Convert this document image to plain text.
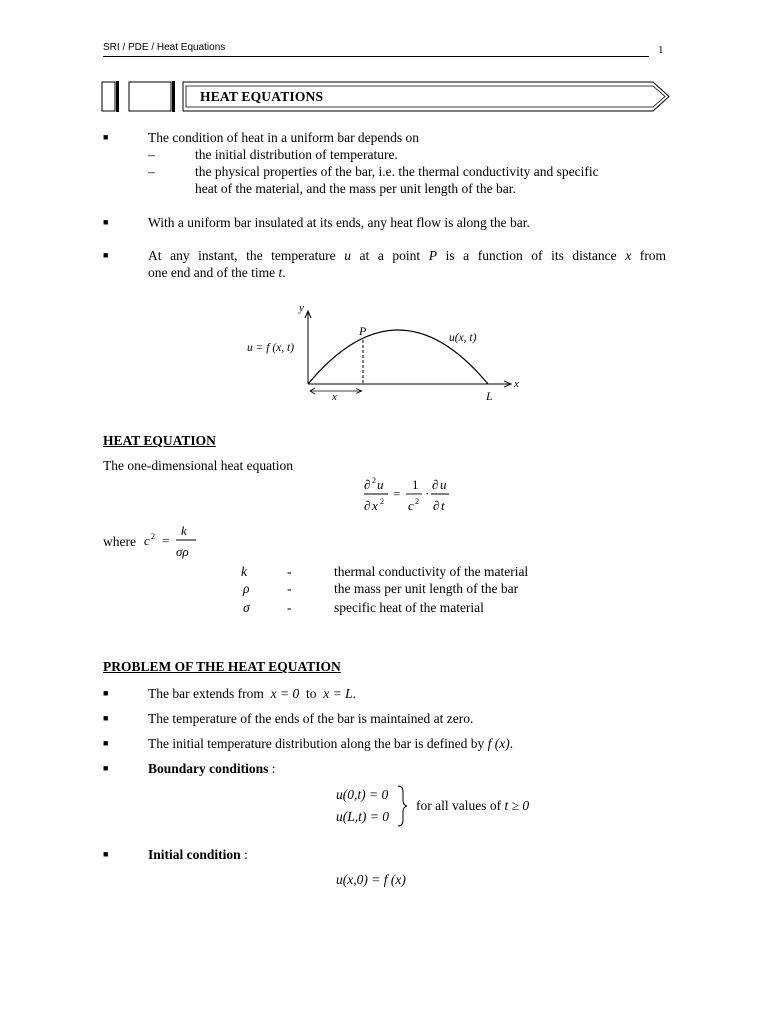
SRI / PDE / Heat Equations	1
HEAT EQUATIONS
■	The condition of heat in a uniform bar depends on
–	the initial distribution of temperature.
–	the physical properties of the bar, i.e. the thermal conductivity and specific
heat of the material, and the mass per unit length of the bar.
■	With a uniform bar insulated at its ends, any heat flow is along the bar.
■	At any instant, the temperature u at a point P is a function of its distance x from
one end and of the time t.
y
x
P	u(x, t)
u = f (x, t)
x	L
HEAT EQUATION
The one-dimensional heat equation
∂ 2 u
∂ x 2
=
1
c 2
·
∂ u
∂ t
where c 2 =
k
σρ
k	-	thermal conductivity of the material
ρ	-	the mass per unit length of the bar
σ	-	specific heat of the material
PROBLEM OF THE HEAT EQUATION
■	The bar extends from x = 0 to x = L.
■	The temperature of the ends of the bar is maintained at zero.
■	The initial temperature distribution along the bar is defined by f (x).
■	Boundary conditions :
u(0,t) = 0
u(L,t) = 0
for all values of t ≥ 0
■	Initial condition :
u(x,0) = f (x)
